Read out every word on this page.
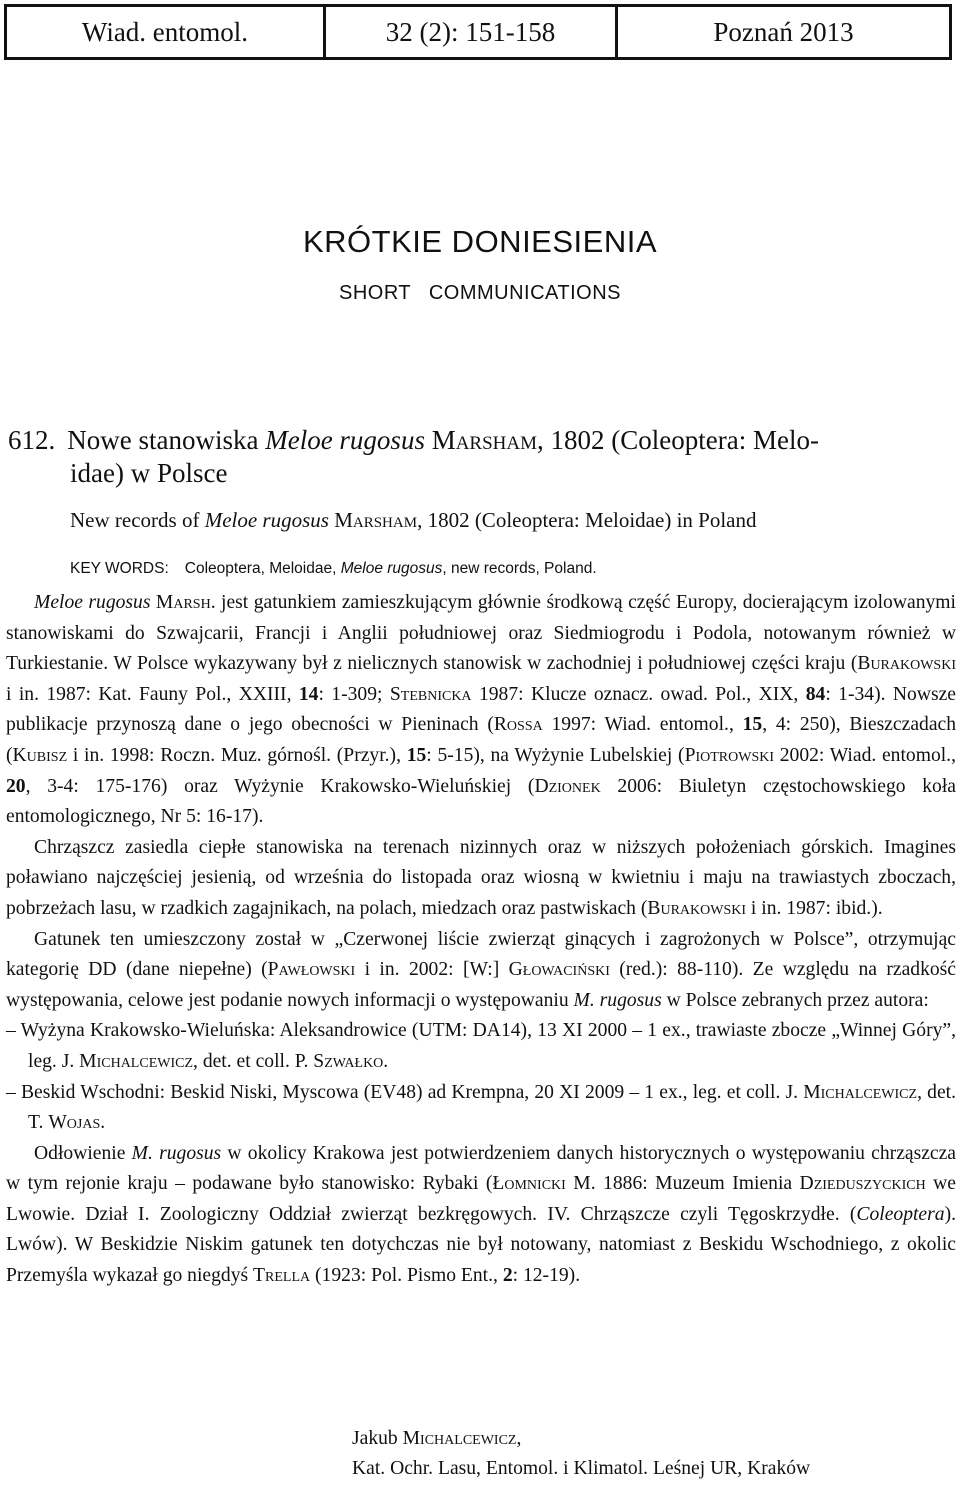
Wiad. entomol.	32 (2): 151-158	Poznań 2013
KRÓTKIE DONIESIENIA
SHORT COMMUNICATIONS
612. Nowe stanowiska Meloe rugosus Marsham, 1802 (Coleoptera: Melo-
idae) w Polsce
New records of Meloe rugosus Marsham, 1802 (Coleoptera: Meloidae) in Poland
KEY WORDS: Coleoptera, Meloidae, Meloe rugosus, new records, Poland.

Meloe rugosus Marsh. jest gatunkiem zamieszkującym głównie środkową część Europy, docierającym izolowanymi stanowiskami do Szwajcarii, Francji i Anglii południowej oraz Siedmiogrodu i Podola, notowanym również w Turkiestanie. W Polsce wykazywany był z nielicznych stanowisk w zachodniej i południowej części kraju (Burakowski i in. 1987: Kat. Fauny Pol., XXIII, 14: 1-309; Stebnicka 1987: Klucze oznacz. owad. Pol., XIX, 84: 1-34). Nowsze publikacje przynoszą dane o jego obecności w Pieninach (Rossa 1997: Wiad. entomol., 15, 4: 250), Bieszczadach (Kubisz i in. 1998: Roczn. Muz. górnośl. (Przyr.), 15: 5-15), na Wyżynie Lubelskiej (Piotrowski 2002: Wiad. entomol., 20, 3-4: 175-176) oraz Wyżynie Krakowsko-Wieluńskiej (Dzionek 2006: Biuletyn częstochowskiego koła entomologicznego, Nr 5: 16-17).

Chrząszcz zasiedla ciepłe stanowiska na terenach nizinnych oraz w niższych położeniach górskich. Imagines poławiano najczęściej jesienią, od września do listopada oraz wiosną w kwietniu i maju na trawiastych zboczach, pobrzeżach lasu, w rzadkich zagajnikach, na polach, miedzach oraz pastwiskach (Burakowski i in. 1987: ibid.).

Gatunek ten umieszczony został w „Czerwonej liście zwierząt ginących i zagrożonych w Polsce”, otrzymując kategorię DD (dane niepełne) (Pawłowski i in. 2002: [W:] Głowaciński (red.): 88-110). Ze względu na rzadkość występowania, celowe jest podanie nowych informacji o występowaniu M. rugosus w Polsce zebranych przez autora:

– Wyżyna Krakowsko-Wieluńska: Aleksandrowice (UTM: DA14), 13 XI 2000 – 1 ex., trawiaste zbocze „Winnej Góry”, leg. J. Michalcewicz, det. et coll. P. Szwałko.

– Beskid Wschodni: Beskid Niski, Myscowa (EV48) ad Krempna, 20 XI 2009 – 1 ex., leg. et coll. J. Michalcewicz, det. T. Wojas.

Odłowienie M. rugosus w okolicy Krakowa jest potwierdzeniem danych historycznych o występowaniu chrząszcza w tym rejonie kraju – podawane było stanowisko: Rybaki (Łomnicki M. 1886: Muzeum Imienia Dzieduszyckich we Lwowie. Dział I. Zoologiczny Oddział zwierząt bezkręgowych. IV. Chrząszcze czyli Tęgoskrzydłe. (Coleoptera). Lwów). W Beskidzie Niskim gatunek ten dotychczas nie był notowany, natomiast z Beskidu Wschodniego, z okolic Przemyśla wykazał go niegdyś Trella (1923: Pol. Pismo Ent., 2: 12-19).

Jakub Michalcewicz,
Kat. Ochr. Lasu, Entomol. i Klimatol. Leśnej UR, Kraków
